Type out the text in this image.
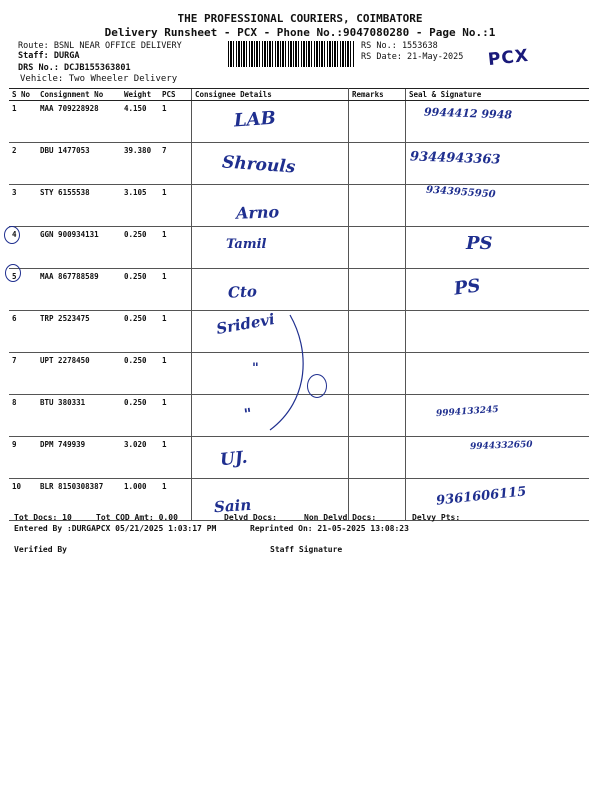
THE PROFESSIONAL COURIERS, COIMBATORE
Delivery Runsheet - PCX - Phone No.:9047080280 - Page No.:1
Route: BSNL NEAR OFFICE DELIVERY
Staff: DURGA
DRS No.: DCJB155363801
Vehicle: Two Wheeler Delivery
RS No.: 1553638
RS Date: 21-May-2025 PCX
S No	Consignment No	Weight	PCS	Consignee Details	Remarks	Seal & Signature
1	MAA 709228928	4.150	1	LAB		9944412 9948

2	DBU 1477053	39.380	7	Shrouls		9344943363

3	STY 6155538	3.105	1	Arno		9343955950

4	GGN 900934131	0.250	1	Tamil		PS

5	MAA 867788589	0.250	1	Cto		PS

6	TRP 2523475	0.250	1	Sridevi		

7	UPT 2278450	0.250	1	"		

8	BTU 380331	0.250	1	"		9994133245

9	DPM 749939	3.020	1	UJ.		9944332650

10	BLR 8150308387	1.000	1	Sain		9361606115
Tot Docs: 10	Tot COD Amt: 0.00	Delvd Docs:	Non Delvd Docs:	Delvy Pts:
Entered By :DURGAPCX 05/21/2025 1:03:17 PM	Reprinted On: 21-05-2025 13:08:23
Verified By	Staff Signature
